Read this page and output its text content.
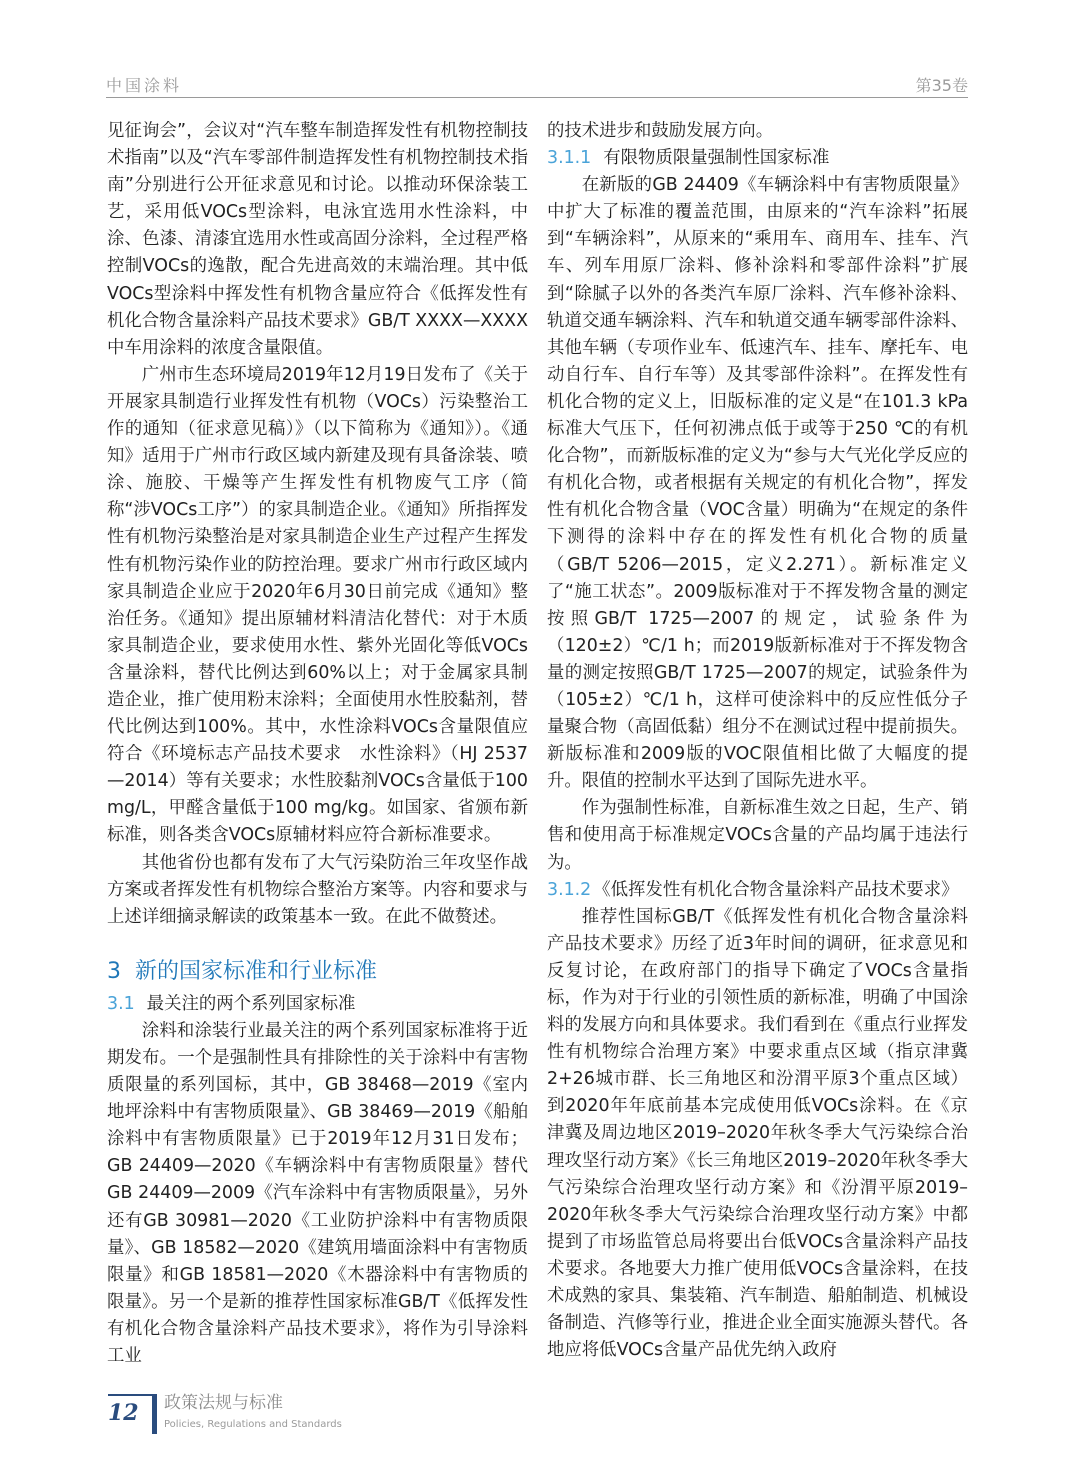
中国涂料	第35卷

见征询会”，会议对“汽车整车制造挥发性有机物控制技术指南”以及“汽车零部件制造挥发性有机物控制技术指南”分别进行公开征求意见和讨论。以推动环保涂装工艺，采用低VOCs型涂料，电泳宜选用水性涂料，中涂、色漆、清漆宜选用水性或高固分涂料，全过程严格控制VOCs的逸散，配合先进高效的末端治理。其中低VOCs型涂料中挥发性有机物含量应符合《低挥发性有机化合物含量涂料产品技术要求》GB/T XXXX—XXXX中车用涂料的浓度含量限值。

广州市生态环境局2019年12月19日发布了《关于开展家具制造行业挥发性有机物（VOCs）污染整治工作的通知（征求意见稿）》（以下简称为《通知》）。《通知》适用于广州市行政区域内新建及现有具备涂装、喷涂、施胶、干燥等产生挥发性有机物废气工序（简称“涉VOCs工序”）的家具制造企业。《通知》所指挥发性有机物污染整治是对家具制造企业生产过程产生挥发性有机物污染作业的防控治理。要求广州市行政区域内家具制造企业应于2020年6月30日前完成《通知》整治任务。《通知》提出原辅材料清洁化替代：对于木质家具制造企业，要求使用水性、紫外光固化等低VOCs含量涂料，替代比例达到60%以上；对于金属家具制造企业，推广使用粉末涂料；全面使用水性胶黏剂，替代比例达到100%。其中，水性涂料VOCs含量限值应符合《环境标志产品技术要求　水性涂料》（HJ 2537—2014）等有关要求；水性胶黏剂VOCs含量低于100 mg/L，甲醛含量低于100 mg/kg。如国家、省颁布新标准，则各类含VOCs原辅材料应符合新标准要求。

其他省份也都有发布了大气污染防治三年攻坚作战方案或者挥发性有机物综合整治方案等。内容和要求与上述详细摘录解读的政策基本一致。在此不做赘述。

3 新的国家标准和行业标准
3.1 最关注的两个系列国家标准

涂料和涂装行业最关注的两个系列国家标准将于近期发布。一个是强制性具有排除性的关于涂料中有害物质限量的系列国标，其中，GB 38468—2019《室内地坪涂料中有害物质限量》、GB 38469—2019《船舶涂料中有害物质限量》已于2019年12月31日发布；GB 24409—2020《车辆涂料中有害物质限量》替代GB 24409—2009《汽车涂料中有害物质限量》，另外还有GB 30981—2020《工业防护涂料中有害物质限量》、GB 18582—2020《建筑用墙面涂料中有害物质限量》和GB 18581—2020《木器涂料中有害物质的限量》。另一个是新的推荐性国家标准GB/T《低挥发性有机化合物含量涂料产品技术要求》，将作为引导涂料工业

的技术进步和鼓励发展方向。

3.1.1 有限物质限量强制性国家标准

在新版的GB 24409《车辆涂料中有害物质限量》中扩大了标准的覆盖范围，由原来的“汽车涂料”拓展到“车辆涂料”，从原来的“乘用车、商用车、挂车、汽车、列车用原厂涂料、修补涂料和零部件涂料”扩展到“除腻子以外的各类汽车原厂涂料、汽车修补涂料、轨道交通车辆涂料、汽车和轨道交通车辆零部件涂料、其他车辆（专项作业车、低速汽车、挂车、摩托车、电动自行车、自行车等）及其零部件涂料”。在挥发性有机化合物的定义上，旧版标准的定义是“在101.3 kPa标准大气压下，任何初沸点低于或等于250 ℃的有机化合物”，而新版标准的定义为“参与大气光化学反应的有机化合物，或者根据有关规定的有机化合物”，挥发性有机化合物含量（VOC含量）明确为“在规定的条件下测得的涂料中存在的挥发性有机化合物的质量（GB/T 5206—2015，定义2.271）。新标准定义了“施工状态”。2009版标准对于不挥发物含量的测定按照GB/T 1725—2007的规定，试验条件为（120±2）℃/1 h；而2019版新标准对于不挥发物含量的测定按照GB/T 1725—2007的规定，试验条件为（105±2）℃/1 h，这样可使涂料中的反应性低分子量聚合物（高固低黏）组分不在测试过程中提前损失。新版标准和2009版的VOC限值相比做了大幅度的提升。限值的控制水平达到了国际先进水平。

作为强制性标准，自新标准生效之日起，生产、销售和使用高于标准规定VOCs含量的产品均属于违法行为。

3.1.2 《低挥发性有机化合物含量涂料产品技术要求》

推荐性国标GB/T《低挥发性有机化合物含量涂料产品技术要求》历经了近3年时间的调研，征求意见和反复讨论，在政府部门的指导下确定了VOCs含量指标，作为对于行业的引领性质的新标准，明确了中国涂料的发展方向和具体要求。我们看到在《重点行业挥发性有机物综合治理方案》中要求重点区域（指京津冀2+26城市群、长三角地区和汾渭平原3个重点区域）到2020年年底前基本完成使用低VOCs涂料。在《京津冀及周边地区2019–2020年秋冬季大气污染综合治理攻坚行动方案》《长三角地区2019–2020年秋冬季大气污染综合治理攻坚行动方案》和《汾渭平原2019–2020年秋冬季大气污染综合治理攻坚行动方案》中都提到了市场监管总局将要出台低VOCs含量涂料产品技术要求。各地要大力推广使用低VOCs含量涂料，在技术成熟的家具、集装箱、汽车制造、船舶制造、机械设备制造、汽修等行业，推进企业全面实施源头替代。各地应将低VOCs含量产品优先纳入政府

12 政策法规与标准
Policies, Regulations and Standards
